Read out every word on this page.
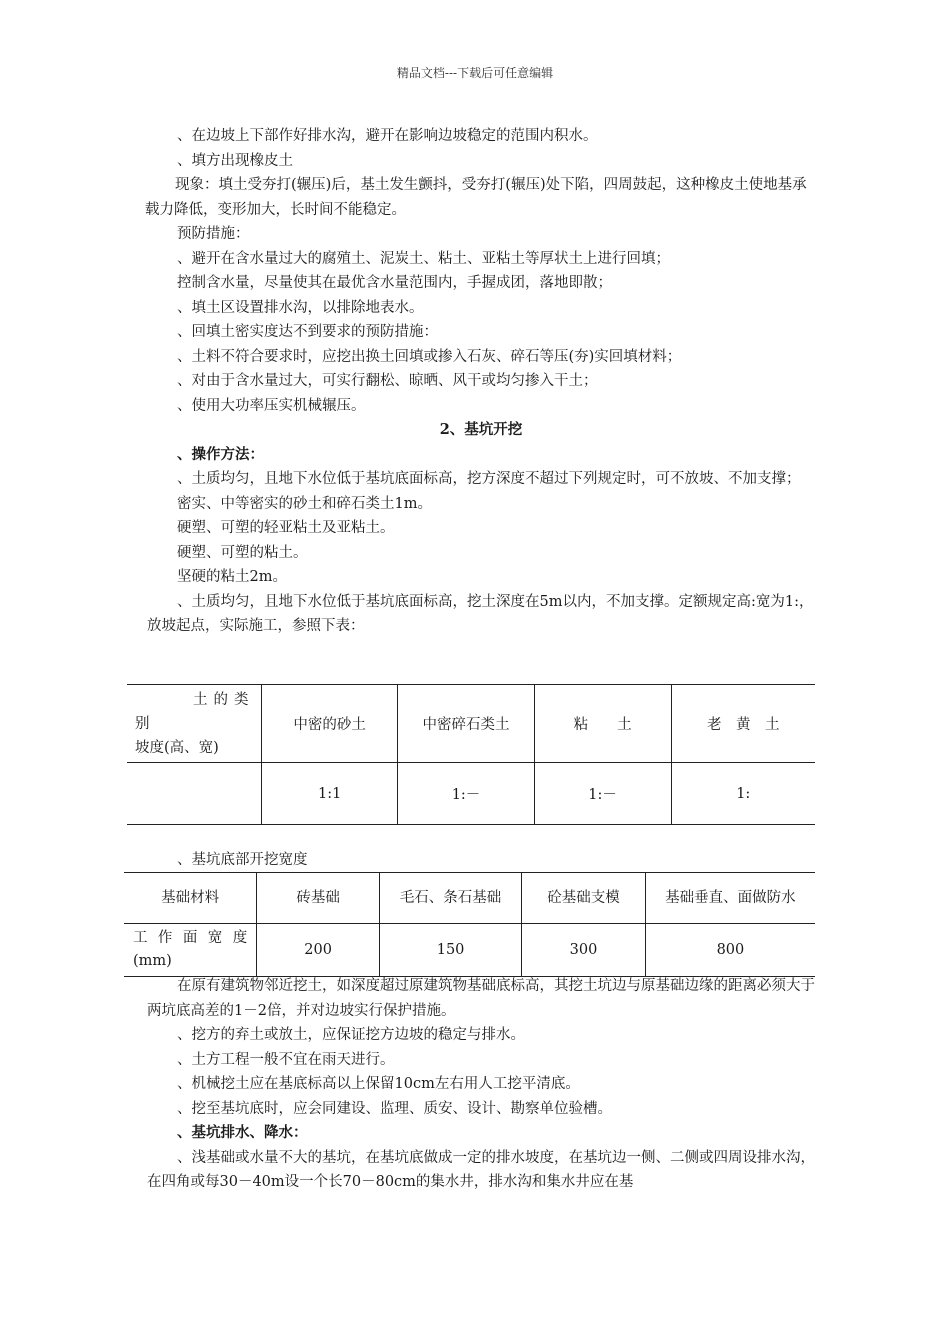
精品文档---下载后可任意编辑

、在边坡上下部作好排水沟，避开在影响边坡稳定的范围内积水。

、填方出现橡皮土

现象：填土受夯打(辗压)后，基土发生颤抖，受夯打(辗压)处下陷，四周鼓起，这种橡皮土使地基承载力降低，变形加大，长时间不能稳定。

预防措施：

、避开在含水量过大的腐殖土、泥炭土、粘土、亚粘土等厚状土上进行回填；

控制含水量，尽量使其在最优含水量范围内，手握成团，落地即散；

、填土区设置排水沟，以排除地表水。

、回填土密实度达不到要求的预防措施：

、土料不符合要求时，应挖出换土回填或掺入石灰、碎石等压(夯)实回填材料；

、对由于含水量过大，可实行翻松、晾晒、风干或均匀掺入干土；

、使用大功率压实机械辗压。

2、基坑开挖

、操作方法：

、土质均匀，且地下水位低于基坑底面标高，挖方深度不超过下列规定时，可不放坡、不加支撑；

密实、中等密实的砂土和碎石类土1m。

硬塑、可塑的轻亚粘土及亚粘土。

硬塑、可塑的粘土。

坚硬的粘土2m。

、土质均匀，且地下水位低于基坑底面标高，挖土深度在5m以内，不加支撑。定额规定高:宽为1:，放坡起点，实际施工，参照下表：

土的类
别
坡度(高、宽)	中密的砂土	中密碎石类土	粘　　土	老　黄　土
	1:1	1:－	1:－	1:
、基坑底部开挖宽度
基础材料	砖基础	毛石、条石基础	砼基础支模	基础垂直、面做防水

工作面宽度
(mm)	200	150	300	800

在原有建筑物邻近挖土，如深度超过原建筑物基础底标高，其挖土坑边与原基础边缘的距离必须大于两坑底高差的1－2倍，并对边坡实行保护措施。

、挖方的弃土或放土，应保证挖方边坡的稳定与排水。

、土方工程一般不宜在雨天进行。

、机械挖土应在基底标高以上保留10cm左右用人工挖平清底。

、挖至基坑底时，应会同建设、监理、质安、设计、勘察单位验槽。

、基坑排水、降水：

、浅基础或水量不大的基坑，在基坑底做成一定的排水坡度，在基坑边一侧、二侧或四周设排水沟，在四角或每30－40m设一个长70－80cm的集水井，排水沟和集水井应在基
